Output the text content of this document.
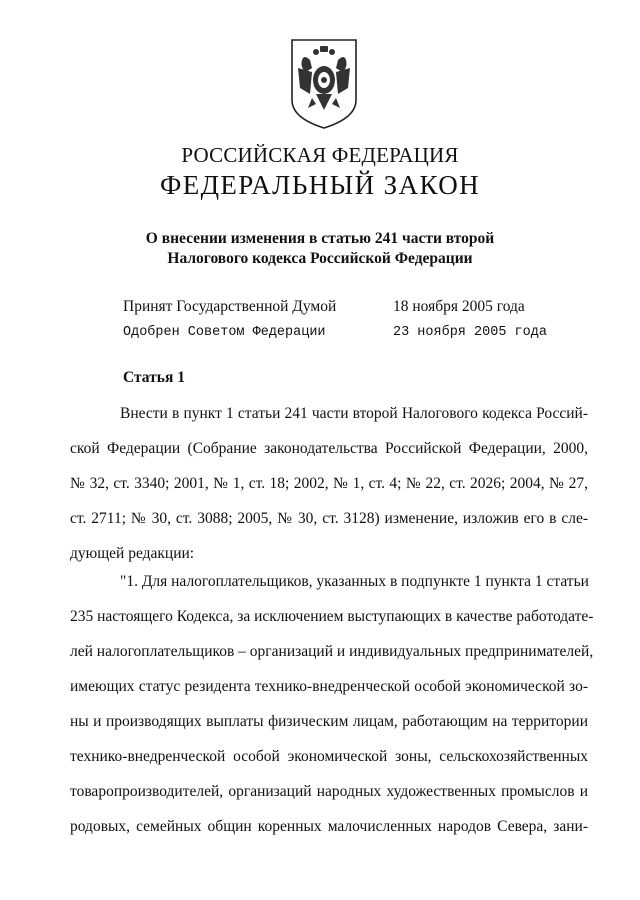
РОССИЙСКАЯ ФЕДЕРАЦИЯ
ФЕДЕРАЛЬНЫЙ ЗАКОН
О внесении изменения в статью 241 части второй
Налогового кодекса Российской Федерации
Принят Государственной Думой	18 ноября 2005 года
Одобрен Советом Федерации	23 ноября 2005 года
Статья 1
Внести в пункт 1 статьи 241 части второй Налогового кодекса Россий-
ской Федерации (Собрание законодательства Российской Федерации, 2000,
№ 32, ст. 3340; 2001, № 1, ст. 18; 2002, № 1, ст. 4; № 22, ст. 2026; 2004, № 27,
ст. 2711; № 30, ст. 3088; 2005, № 30, ст. 3128) изменение, изложив его в сле-
дующей редакции:
"1. Для налогоплательщиков, указанных в подпункте 1 пункта 1 статьи
235 настоящего Кодекса, за исключением выступающих в качестве работодате-
лей налогоплательщиков – организаций и индивидуальных предпринимателей,
имеющих статус резидента технико-внедренческой особой экономической зо-
ны и производящих выплаты физическим лицам, работающим на территории
технико-внедренческой особой экономической зоны, сельскохозяйственных
товаропроизводителей, организаций народных художественных промыслов и
родовых, семейных общин коренных малочисленных народов Севера, зани-
